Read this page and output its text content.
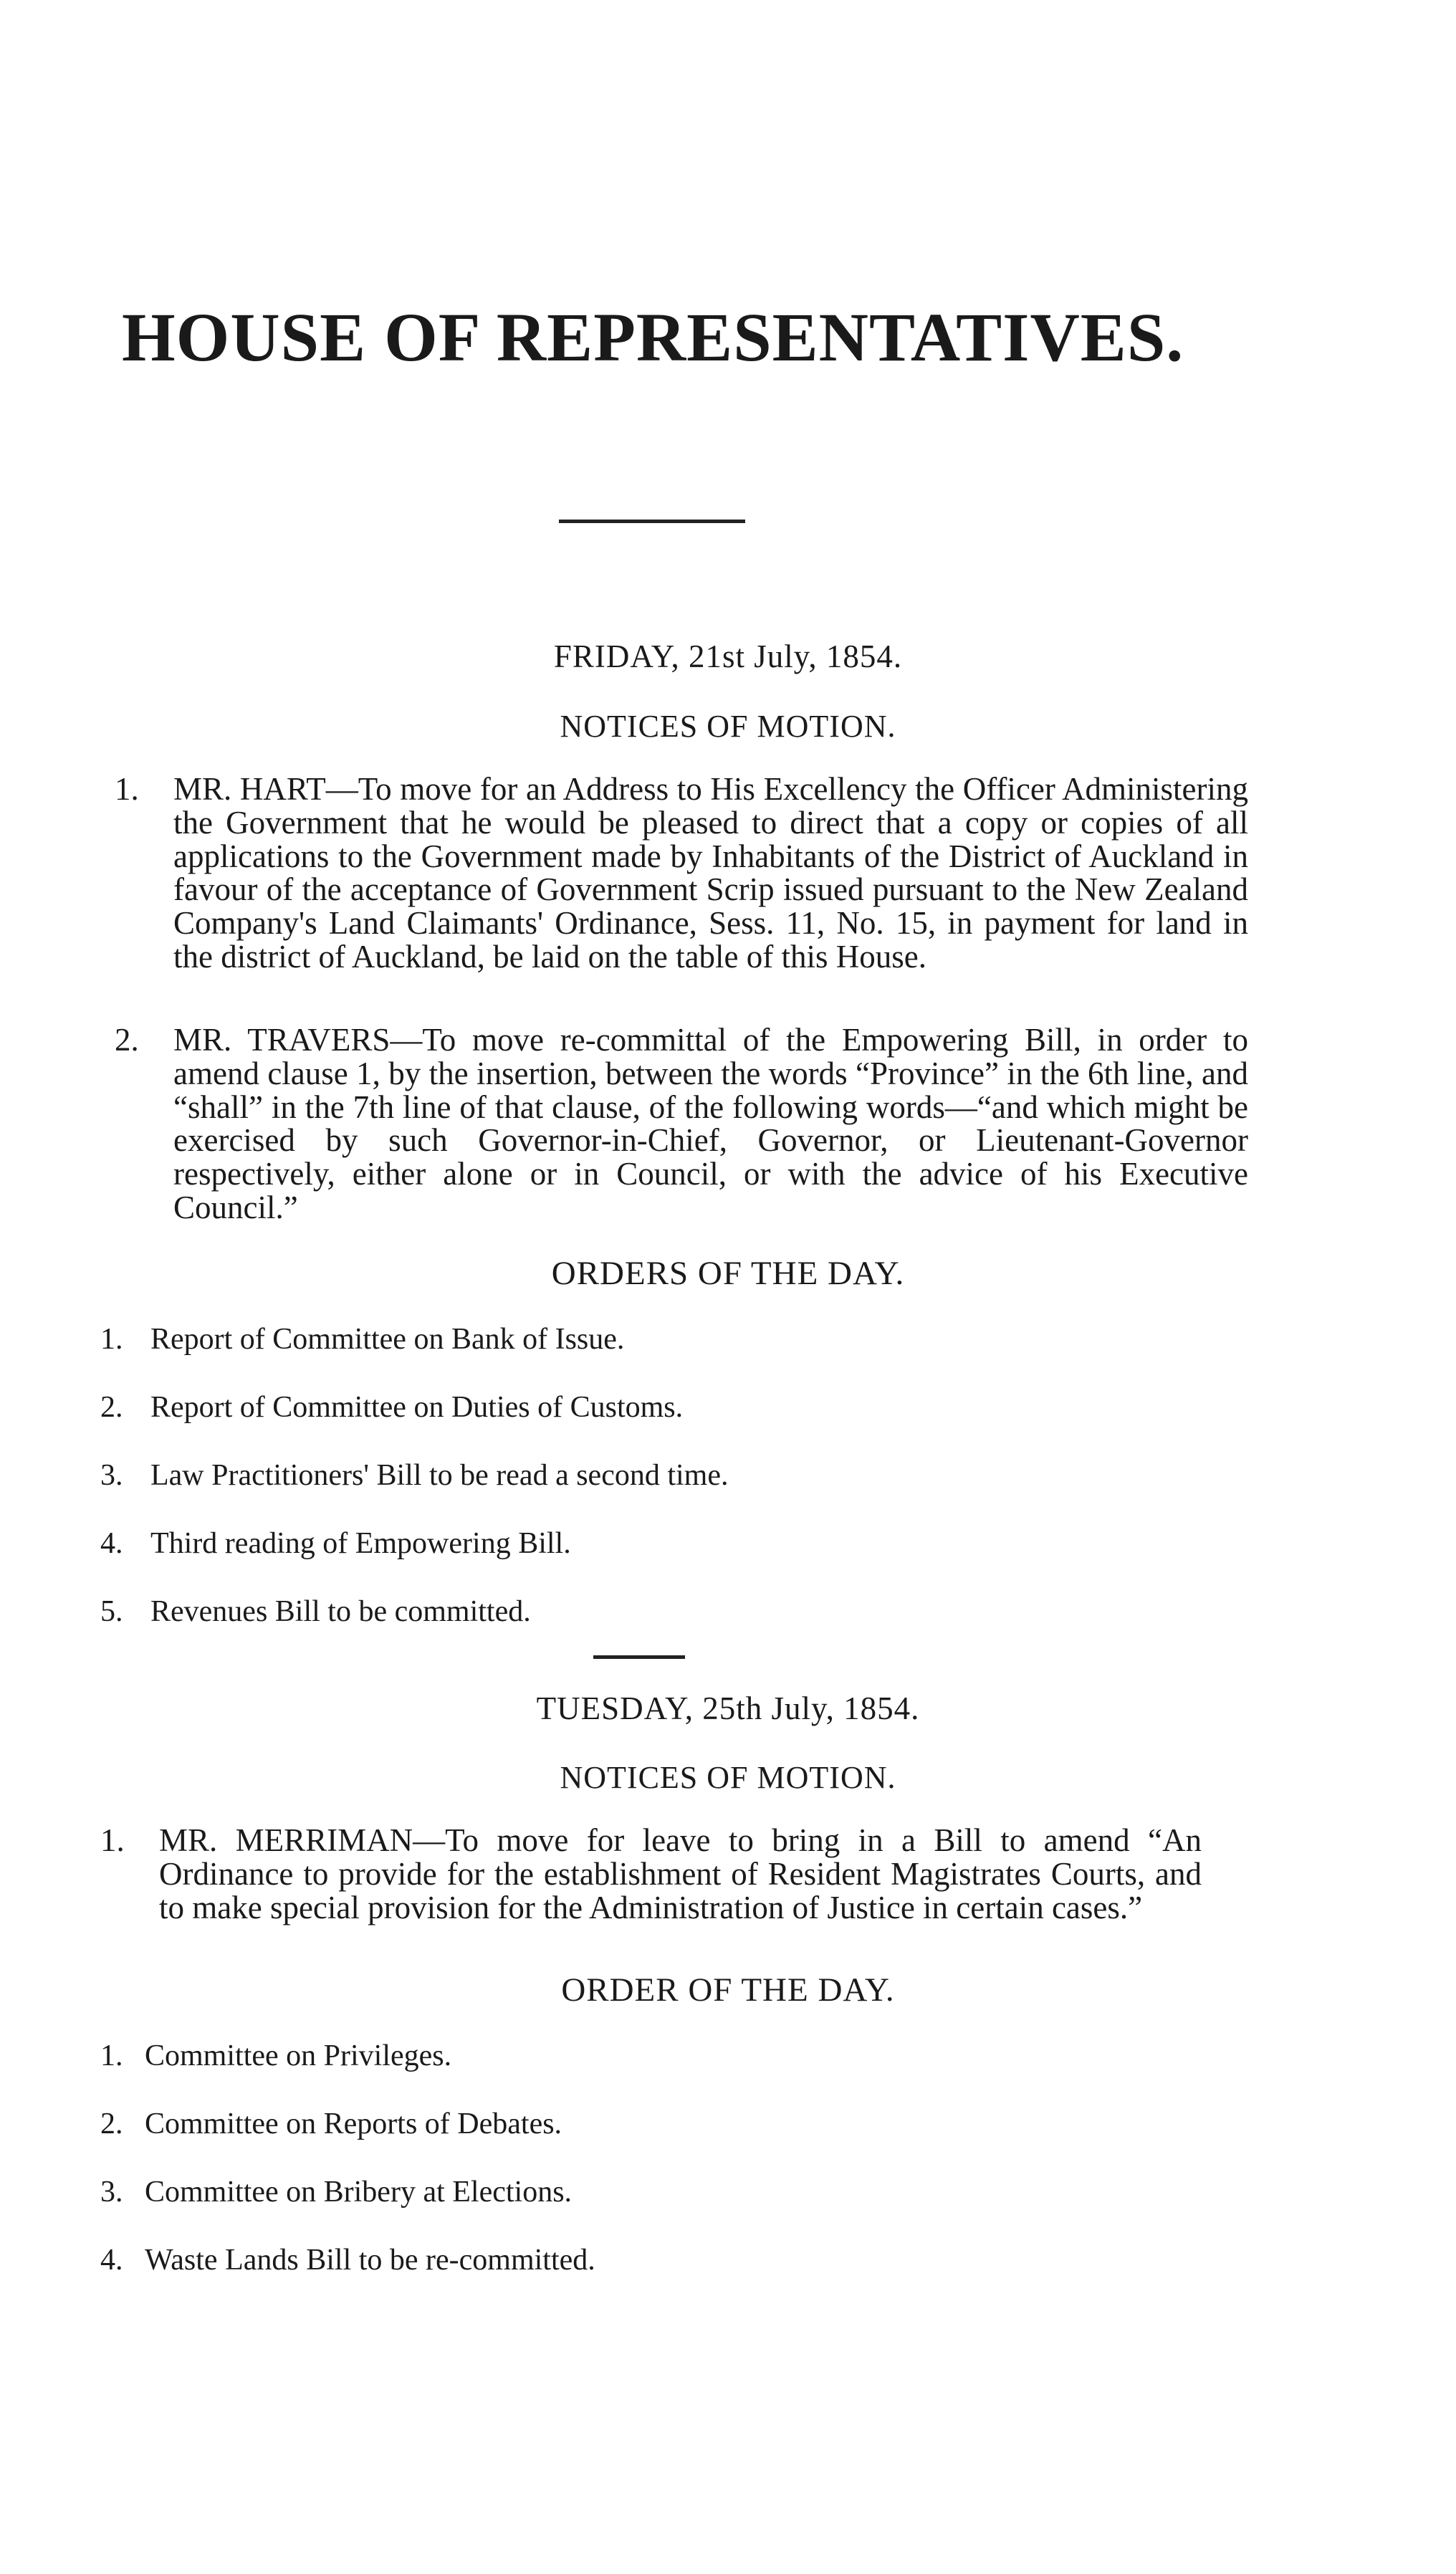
HOUSE OF REPRESENTATIVES.
FRIDAY, 21st July, 1854.
NOTICES OF MOTION.
1. MR. HART—To move for an Address to His Excellency the Officer Administering the Government that he would be pleased to direct that a copy or copies of all applications to the Government made by Inhabitants of the District of Auckland in favour of the acceptance of Government Scrip issued pursuant to the New Zealand Company's Land Claimants' Ordinance, Sess. 11, No. 15, in payment for land in the district of Auckland, be laid on the table of this House.
2. MR. TRAVERS—To move re-committal of the Empowering Bill, in order to amend clause 1, by the insertion, between the words “Province” in the 6th line, and “shall” in the 7th line of that clause, of the following words—“and which might be exercised by such Governor-in-Chief, Governor, or Lieutenant-Governor respectively, either alone or in Council, or with the advice of his Executive Council.”
ORDERS OF THE DAY.
1. Report of Committee on Bank of Issue.
2. Report of Committee on Duties of Customs.
3. Law Practitioners' Bill to be read a second time.
4. Third reading of Empowering Bill.
5. Revenues Bill to be committed.
TUESDAY, 25th July, 1854.
NOTICES OF MOTION.
1. MR. MERRIMAN—To move for leave to bring in a Bill to amend “An Ordinance to provide for the establishment of Resident Magistrates Courts, and to make special provision for the Administration of Justice in certain cases.”
ORDER OF THE DAY.
1. Committee on Privileges.
2. Committee on Reports of Debates.
3. Committee on Bribery at Elections.
4. Waste Lands Bill to be re-committed.
